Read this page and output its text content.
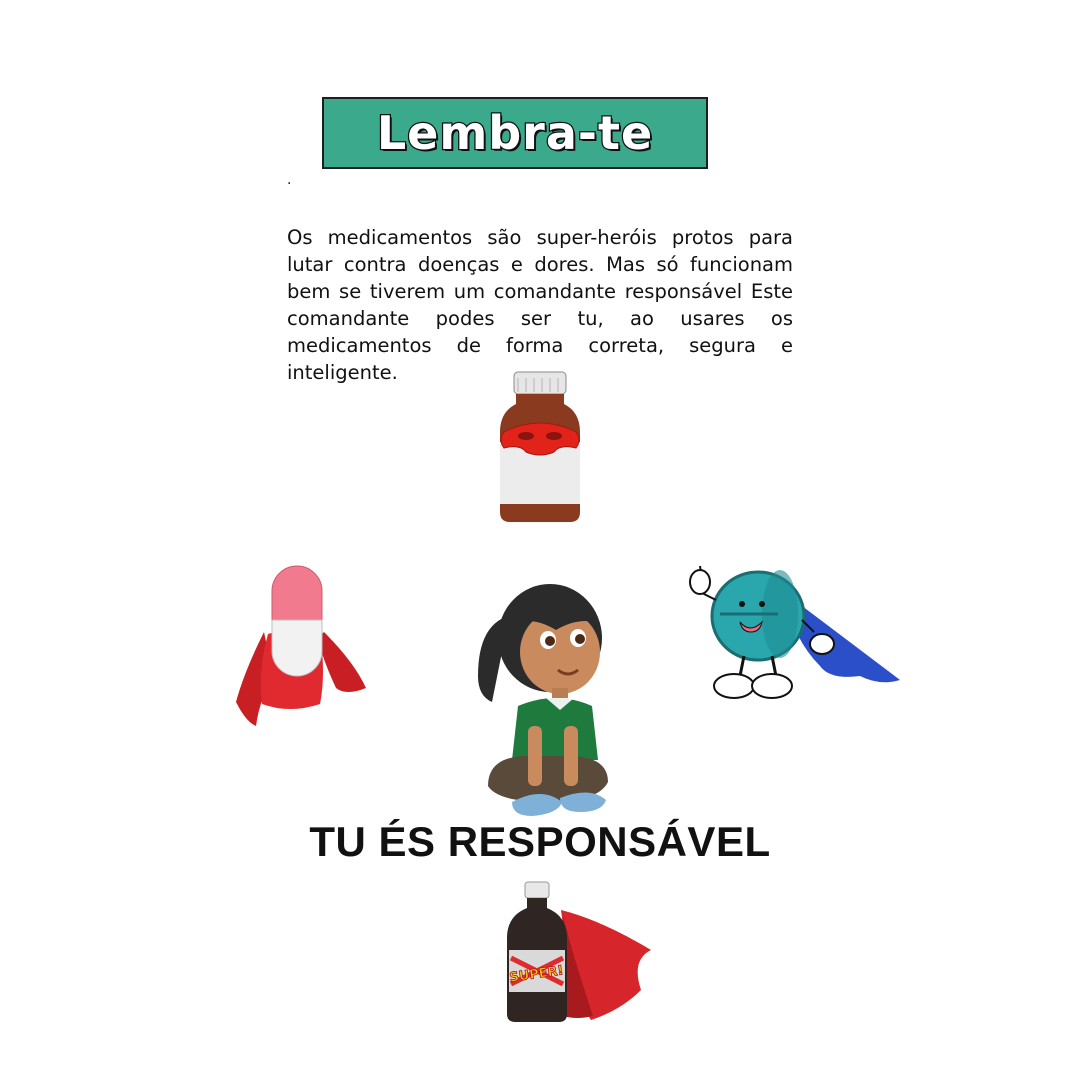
Lembra-te
.

Os medicamentos são super-heróis protos para lutar contra doenças e dores. Mas só funcionam bem se tiverem um comandante responsável Este comandante podes ser tu, ao usares os medicamentos de forma correta, segura e inteligente.

TU ÉS RESPONSÁVEL
SUPER!
